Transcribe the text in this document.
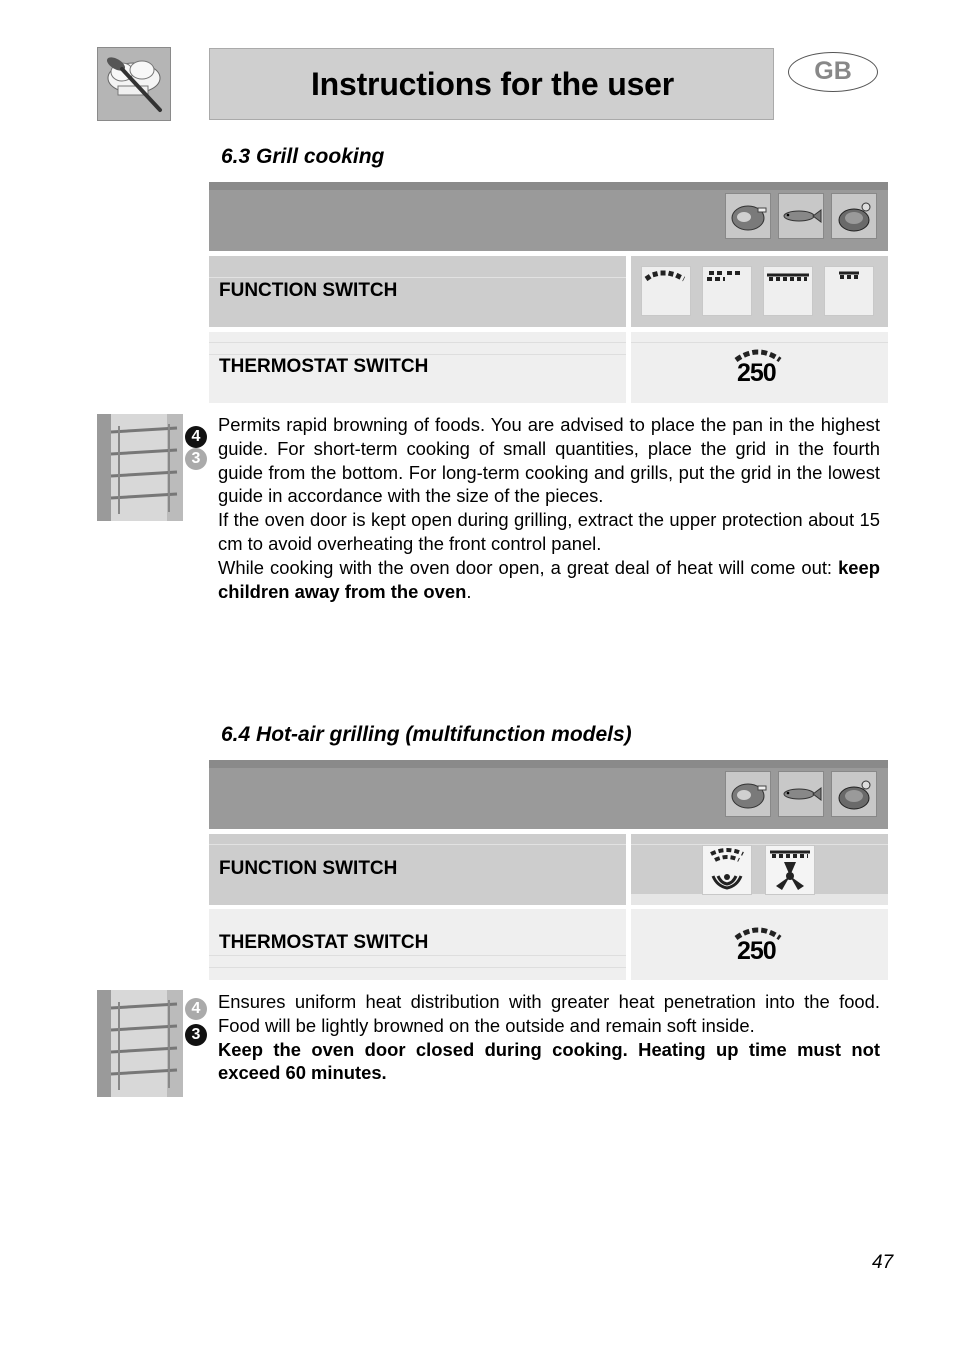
Instructions for the user	GB
6.3 Grill cooking
FUNCTION SWITCH
THERMOSTAT SWITCH	250
4
3
Permits rapid browning of foods. You are advised to place the pan in the highest guide. For short-term cooking of small quantities, place the grid in the fourth guide from the bottom. For long-term cooking and grills, put the grid in the lowest guide in accordance with the size of the pieces.
If the oven door is kept open during grilling, extract the upper protection about 15 cm to avoid overheating the front control panel.
While cooking with the oven door open, a great deal of heat will come out: keep children away from the oven.
6.4 Hot-air grilling (multifunction models)
FUNCTION SWITCH
THERMOSTAT SWITCH	250
4
3
Ensures uniform heat distribution with greater heat penetration into the food. Food will be lightly browned on the outside and remain soft inside.
Keep the oven door closed during cooking. Heating up time must not exceed 60 minutes.
47
